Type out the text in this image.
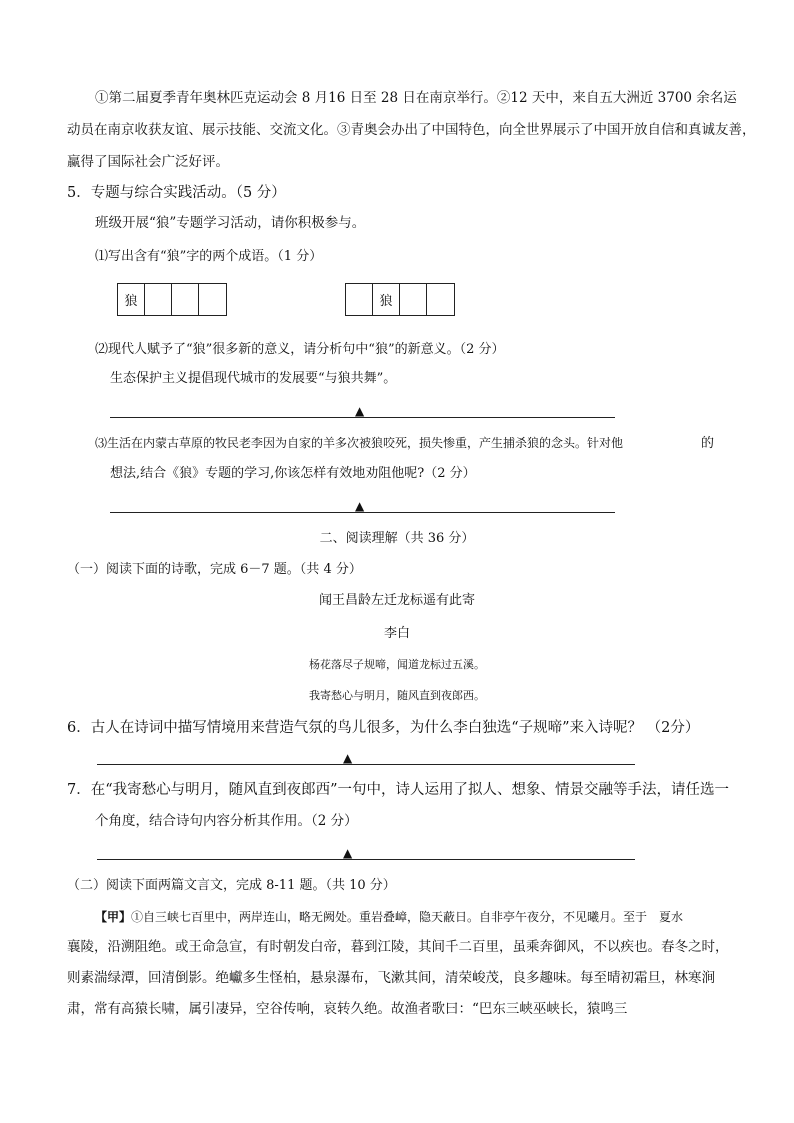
①第二届夏季青年奥林匹克运动会 8 月16 日至 28 日在南京举行。②12 天中，来自五大洲近 3700 余名运
动员在南京收获友谊、展示技能、交流文化。③青奥会办出了中国特色，向全世界展示了中国开放自信和真诚友善，
赢得了国际社会广泛好评。
5．专题与综合实践活动。（5 分）
班级开展“狼”专题学习活动，请你积极参与。
⑴写出含有“狼”字的两个成语。（1 分）
狼	狼
⑵现代人赋予了“狼”很多新的意义，请分析句中“狼”的新意义。（2 分）
生态保护主义提倡现代城市的发展要“与狼共舞”。
▲
⑶生活在内蒙古草原的牧民老李因为自家的羊多次被狼咬死，损失惨重，产生捕杀狼的念头。针对他	的
想法,结合《狼》专题的学习,你该怎样有效地劝阻他呢?（2 分）
▲
二、阅读理解（共 36 分）
（一）阅读下面的诗歌，完成 6－7 题。（共 4 分）
闻王昌龄左迁龙标遥有此寄
李白
杨花落尽子规啼，闻道龙标过五溪。
我寄愁心与明月，随风直到夜郎西。
6．古人在诗词中描写情境用来营造气氛的鸟儿很多，为什么李白独选“子规啼”来入诗呢？ （2分）
▲
7．在“我寄愁心与明月，随风直到夜郎西”一句中，诗人运用了拟人、想象、情景交融等手法，请任选一
个角度，结合诗句内容分析其作用。（2 分）
▲
（二）阅读下面两篇文言文，完成 8-11 题。（共 10 分）
【甲】①自三峡七百里中，两岸连山，略无阙处。重岩叠嶂，隐天蔽日。自非亭午夜分，不见曦月。至于　夏水
襄陵，沿溯阻绝。或王命急宣，有时朝发白帝，暮到江陵，其间千二百里，虽乘奔御风，不以疾也。春冬之时，
则素湍绿潭，回清倒影。绝巘多生怪柏，悬泉瀑布，飞漱其间，清荣峻茂，良多趣味。每至晴初霜旦，林寒涧
肃，常有高猿长啸，属引凄异，空谷传响，哀转久绝。故渔者歌曰：“巴东三峡巫峡长，猿鸣三
